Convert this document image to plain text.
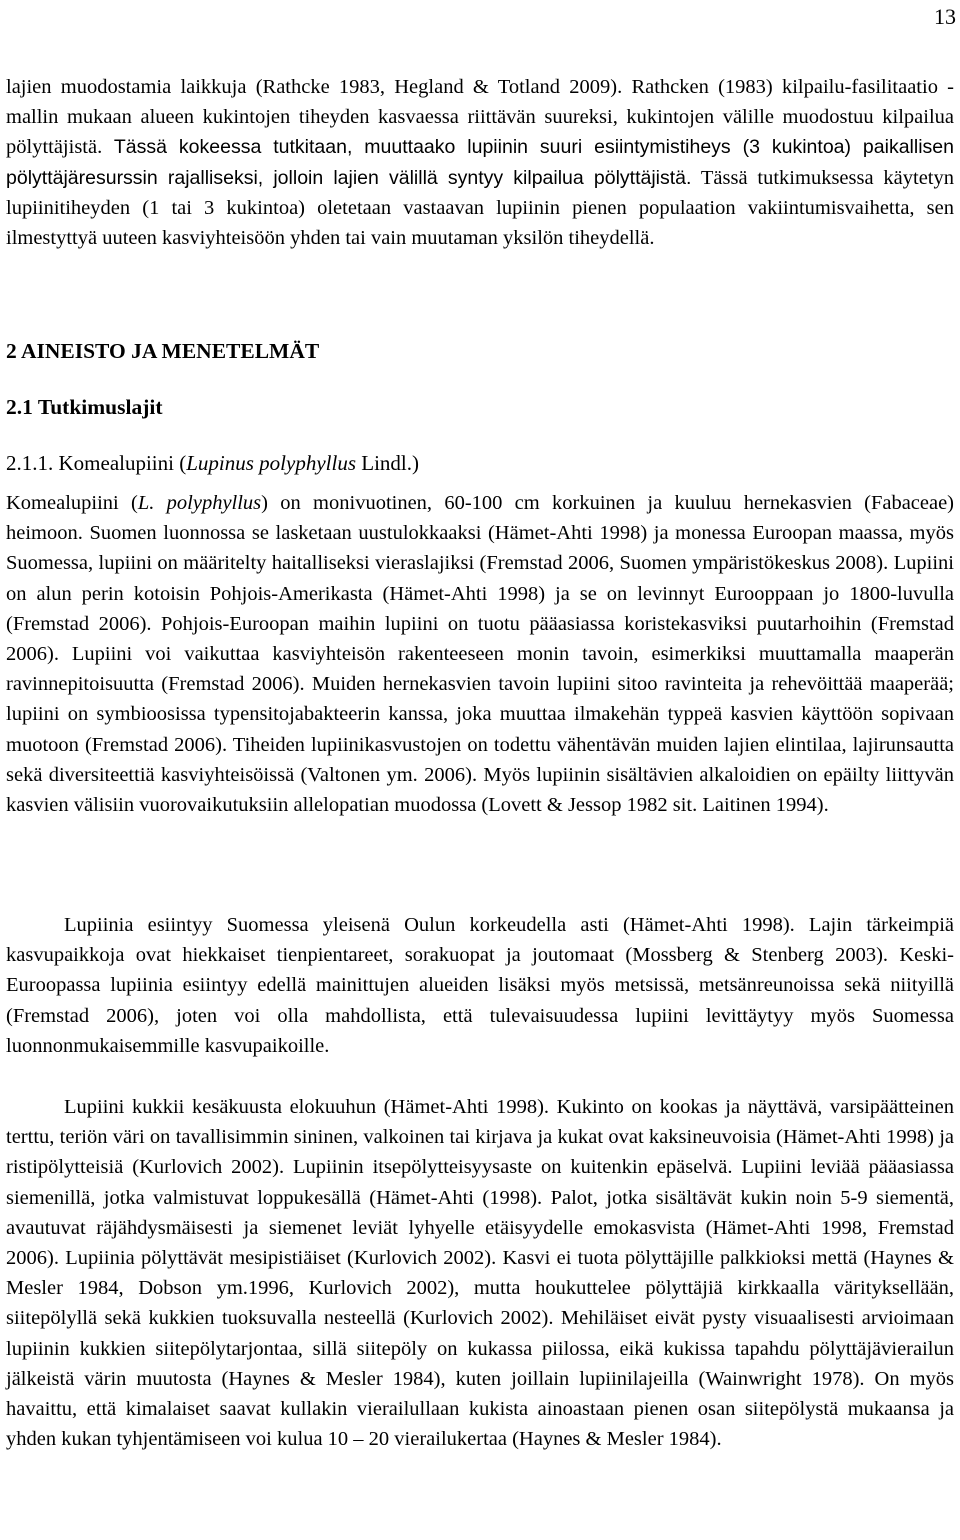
13

lajien muodostamia laikkuja (Rathcke 1983, Hegland & Totland 2009). Rathcken (1983) kilpailu-fasilitaatio -mallin mukaan alueen kukintojen tiheyden kasvaessa riittävän suureksi, kukintojen välille muodostuu kilpailua pölyttäjistä. Tässä kokeessa tutkitaan, muuttaako lupiinin suuri esiintymistiheys (3 kukintoa) paikallisen pölyttäjäresurssin rajalliseksi, jolloin lajien välillä syntyy kilpailua pölyttäjistä. Tässä tutkimuksessa käytetyn lupiinitiheyden (1 tai 3 kukintoa) oletetaan vastaavan lupiinin pienen populaation vakiintumisvaihetta, sen ilmestyttyä uuteen kasviyhteisöön yhden tai vain muutaman yksilön tiheydellä.

2 AINEISTO JA MENETELMÄT
2.1 Tutkimuslajit
2.1.1. Komealupiini (Lupinus polyphyllus Lindl.)

Komealupiini (L. polyphyllus) on monivuotinen, 60-100 cm korkuinen ja kuuluu hernekasvien (Fabaceae) heimoon. Suomen luonnossa se lasketaan uustulokkaaksi (Hämet-Ahti 1998) ja monessa Euroopan maassa, myös Suomessa, lupiini on määritelty haitalliseksi vieraslajiksi (Fremstad 2006, Suomen ympäristökeskus 2008). Lupiini on alun perin kotoisin Pohjois-Amerikasta (Hämet-Ahti 1998) ja se on levinnyt Eurooppaan jo 1800-luvulla (Fremstad 2006). Pohjois-Euroopan maihin lupiini on tuotu pääasiassa koristekasviksi puutarhoihin (Fremstad 2006). Lupiini voi vaikuttaa kasviyhteisön rakenteeseen monin tavoin, esimerkiksi muuttamalla maaperän ravinnepitoisuutta (Fremstad 2006). Muiden hernekasvien tavoin lupiini sitoo ravinteita ja rehevöittää maaperää; lupiini on symbioosissa typensitojabakteerin kanssa, joka muuttaa ilmakehän typpeä kasvien käyttöön sopivaan muotoon (Fremstad 2006). Tiheiden lupiinikasvustojen on todettu vähentävän muiden lajien elintilaa, lajirunsautta sekä diversiteettiä kasviyhteisöissä (Valtonen ym. 2006). Myös lupiinin sisältävien alkaloidien on epäilty liittyvän kasvien välisiin vuorovaikutuksiin allelopatian muodossa (Lovett & Jessop 1982 sit. Laitinen 1994).

Lupiinia esiintyy Suomessa yleisenä Oulun korkeudella asti (Hämet-Ahti 1998). Lajin tärkeimpiä kasvupaikkoja ovat hiekkaiset tienpientareet, sorakuopat ja joutomaat (Mossberg & Stenberg 2003). Keski-Euroopassa lupiinia esiintyy edellä mainittujen alueiden lisäksi myös metsissä, metsänreunoissa sekä niityillä (Fremstad 2006), joten voi olla mahdollista, että tulevaisuudessa lupiini levittäytyy myös Suomessa luonnonmukaisemmille kasvupaikoille.

Lupiini kukkii kesäkuusta elokuuhun (Hämet-Ahti 1998). Kukinto on kookas ja näyttävä, varsipäätteinen terttu, teriön väri on tavallisimmin sininen, valkoinen tai kirjava ja kukat ovat kaksineuvoisia (Hämet-Ahti 1998) ja ristipölytteisiä (Kurlovich 2002). Lupiinin itsepölytteisyysaste on kuitenkin epäselvä. Lupiini leviää pääasiassa siemenillä, jotka valmistuvat loppukesällä (Hämet-Ahti (1998). Palot, jotka sisältävät kukin noin 5-9 siementä, avautuvat räjähdysmäisesti ja siemenet leviät lyhyelle etäisyydelle emokasvista (Hämet-Ahti 1998, Fremstad 2006). Lupiinia pölyttävät mesipistiäiset (Kurlovich 2002). Kasvi ei tuota pölyttäjille palkkioksi mettä (Haynes & Mesler 1984, Dobson ym.1996, Kurlovich 2002), mutta houkuttelee pölyttäjiä kirkkaalla värityksellään, siitepölyllä sekä kukkien tuoksuvalla nesteellä (Kurlovich 2002). Mehiläiset eivät pysty visuaalisesti arvioimaan lupiinin kukkien siitepölytarjontaa, sillä siitepöly on kukassa piilossa, eikä kukissa tapahdu pölyttäjävierailun jälkeistä värin muutosta (Haynes & Mesler 1984), kuten joillain lupiinilajeilla (Wainwright 1978). On myös havaittu, että kimalaiset saavat kullakin vierailullaan kukista ainoastaan pienen osan siitepölystä mukaansa ja yhden kukan tyhjentämiseen voi kulua 10 – 20 vierailukertaa (Haynes & Mesler 1984).
